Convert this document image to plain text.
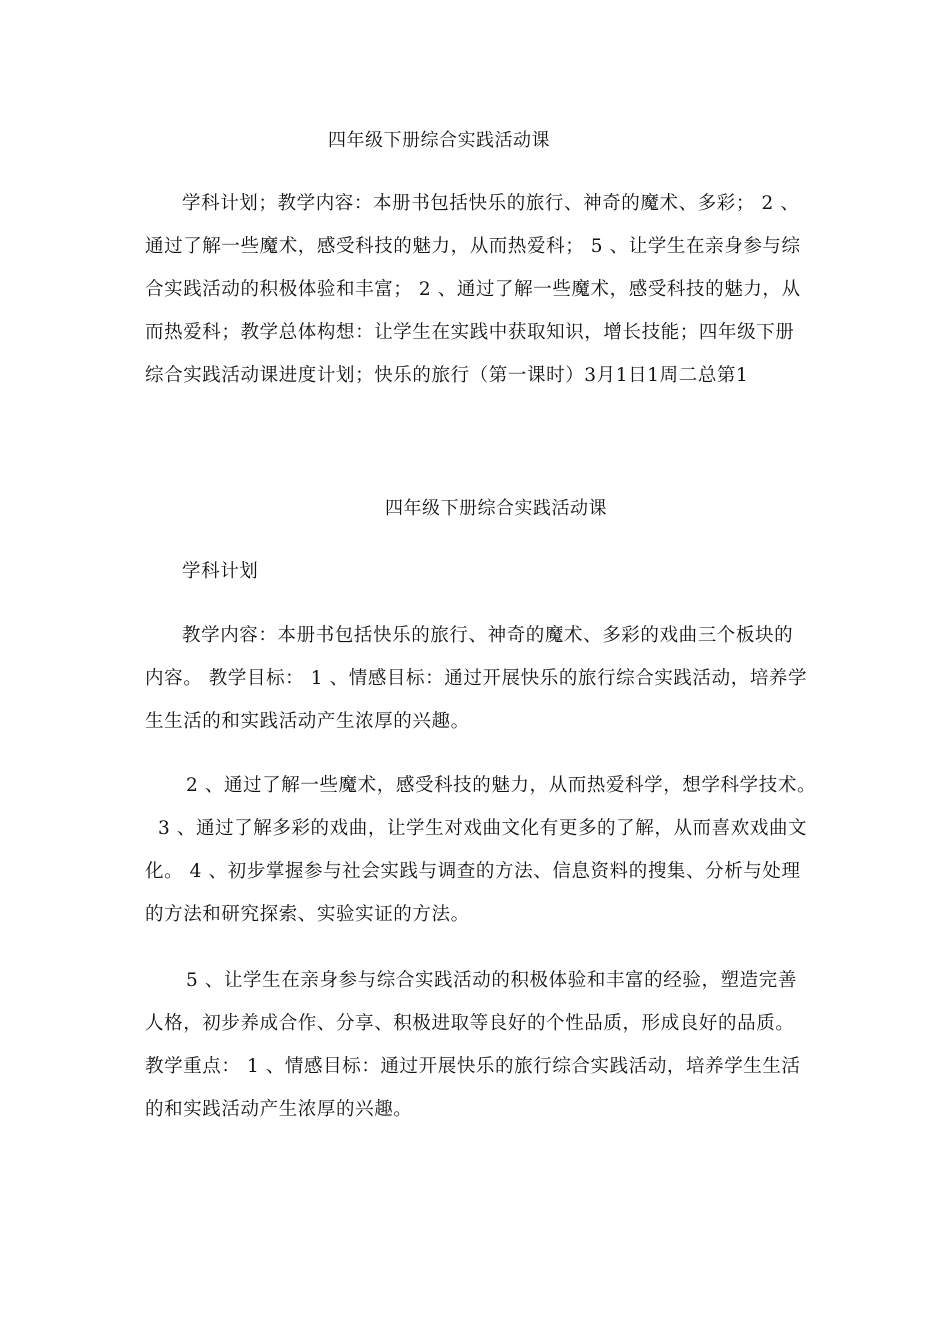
四年级下册综合实践活动课
学科计划；教学内容：本册书包括快乐的旅行、神奇的魔术、多彩； 2 、
通过了解一些魔术，感受科技的魅力，从而热爱科； 5 、让学生在亲身参与综
合实践活动的积极体验和丰富； 2 、通过了解一些魔术，感受科技的魅力，从
而热爱科；教学总体构想：让学生在实践中获取知识，增长技能；四年级下册
综合实践活动课进度计划；快乐的旅行（第一课时）3月1日1周二总第1
四年级下册综合实践活动课
学科计划
教学内容：本册书包括快乐的旅行、神奇的魔术、多彩的戏曲三个板块的
内容。 教学目标： 1 、情感目标：通过开展快乐的旅行综合实践活动，培养学
生生活的和实践活动产生浓厚的兴趣。
2 、通过了解一些魔术，感受科技的魅力，从而热爱科学，想学科学技术。
3 、通过了解多彩的戏曲，让学生对戏曲文化有更多的了解，从而喜欢戏曲文
化。 4 、初步掌握参与社会实践与调查的方法、信息资料的搜集、分析与处理
的方法和研究探索、实验实证的方法。
5 、让学生在亲身参与综合实践活动的积极体验和丰富的经验，塑造完善
人格，初步养成合作、分享、积极进取等良好的个性品质，形成良好的品质。
教学重点： 1 、情感目标：通过开展快乐的旅行综合实践活动，培养学生生活
的和实践活动产生浓厚的兴趣。
